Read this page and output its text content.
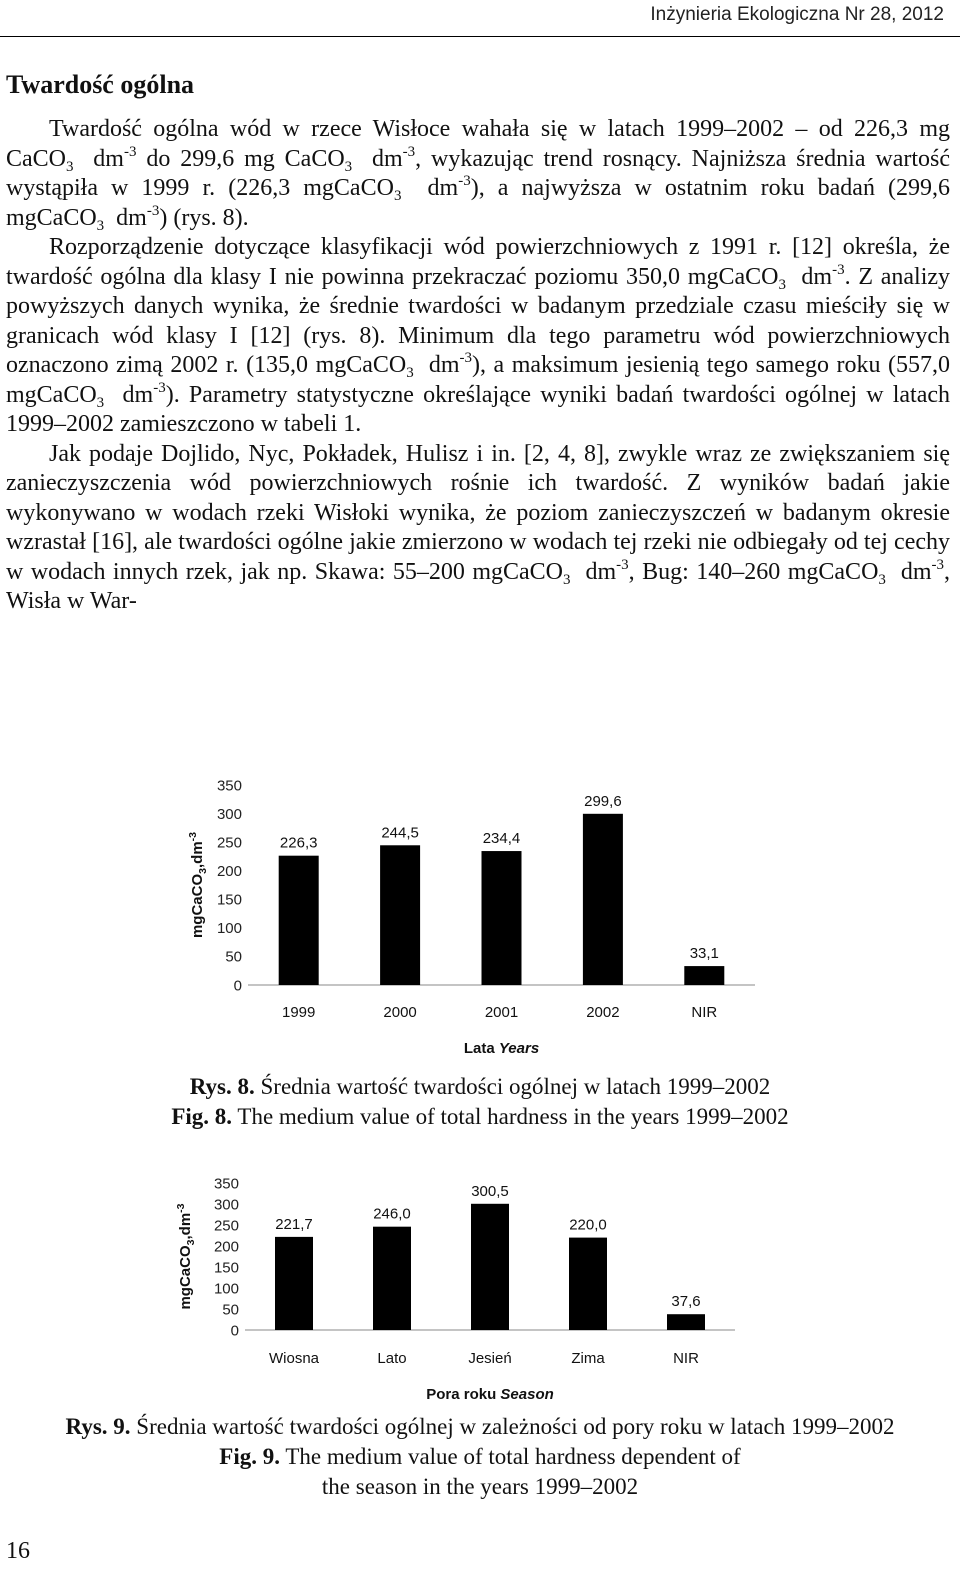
Inżynieria Ekologiczna Nr 28, 2012
Twardość ogólna

Twardość ogólna wód w rzece Wisłoce wahała się w latach 1999–2002 – od 226,3 mg CaCO$_3$  $dm^{-3}$ do 299,6 mg CaCO$_3$  $dm^{-3}$, wykazując trend rosnący. Najniższa średnia wartość wystąpiła w 1999 r. (226,3 mgCaCO$_3$  $dm^{-3}$), a najwyższa w ostatnim roku badań (299,6 mgCaCO$_3$  $dm^{-3}$) (rys. 8).

Rozporządzenie dotyczące klasyfikacji wód powierzchniowych z 1991 r. [12] określa, że twardość ogólna dla klasy I nie powinna przekraczać poziomu 350,0 mgCaCO$_3$  $dm^{-3}$. Z analizy powyższych danych wynika, że średnie twardości w badanym przedziale czasu mieściły się w granicach wód klasy I [12] (rys. 8). Minimum dla tego parametru wód powierzchniowych oznaczono zimą 2002 r. (135,0 mgCaCO$_3$  $dm^{-3}$), a maksimum jesienią tego samego roku (557,0 mgCaCO$_3$  $dm^{-3}$). Parametry statystyczne określające wyniki badań twardości ogólnej w latach 1999–2002 zamieszczono w tabeli 1.

Jak podaje Dojlido, Nyc, Pokładek, Hulisz i in. [2, 4, 8], zwykle wraz ze zwiększaniem się zanieczyszczenia wód powierzchniowych rośnie ich twardość. Z wyników badań jakie wykonywano w wodach rzeki Wisłoki wynika, że poziom zanieczyszczeń w badanym okresie wzrastał [16], ale twardości ogólne jakie zmierzono w wodach tej rzeki nie odbiegały od tej cechy w wodach innych rzek, jak np. Skawa: 55–200 mgCaCO$_3$  $dm^{-3}$, Bug: 140–260 mgCaCO$_3$  $dm^{-3}$, Wisła w War-

0
50
100
150
200
250
300
350
226,3
1999
244,5
2000
234,4
2001
299,6
2002
33,1
NIR
Lata Years
$mgCaCO_3,dm^{-3}$
Rys. 8. Średnia wartość twardości ogólnej w latach 1999–2002
Fig. 8. The medium value of total hardness in the years 1999–2002
0
50
100
150
200
250
300
350
221,7
Wiosna
246,0
Lato
300,5
Jesień
220,0
Zima
37,6
NIR
Pora roku Season
$mgCaCO_3,dm^{-3}$
Rys. 9. Średnia wartość twardości ogólnej w zależności od pory roku w latach 1999–2002
Fig. 9. The medium value of total hardness dependent of
the season in the years 1999–2002
16
